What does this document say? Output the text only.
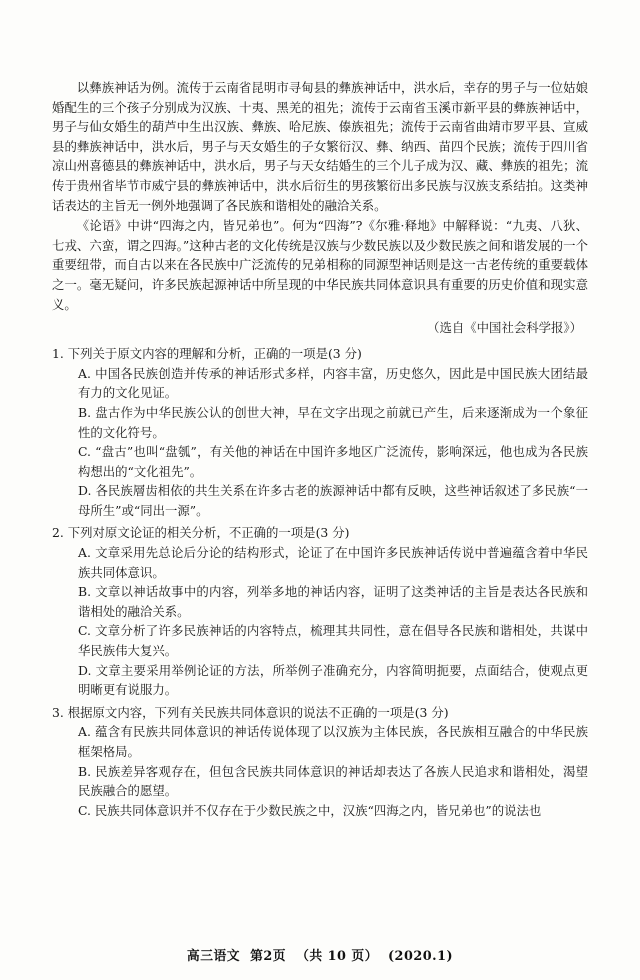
以彝族神话为例。流传于云南省昆明市寻甸县的彝族神话中，洪水后，幸存的男子与一位姑娘婚配生的三个孩子分别成为汉族、十夷、黑羌的祖先；流传于云南省玉溪市新平县的彝族神话中，男子与仙女婚生的葫芦中生出汉族、彝族、哈尼族、傣族祖先；流传于云南省曲靖市罗平县、宣威县的彝族神话中，洪水后，男子与天女婚生的子女繁衍汉、彝、纳西、苗四个民族；流传于四川省凉山州喜德县的彝族神话中，洪水后，男子与天女结婚生的三个儿子成为汉、藏、彝族的祖先；流传于贵州省毕节市威宁县的彝族神话中，洪水后衍生的男孩繁衍出多民族与汉族支系结拍。这类神话表达的主旨无一例外地强调了各民族和谐相处的融洽关系。

《论语》中讲“四海之内，皆兄弟也”。何为“四海”?《尔雅·释地》中解释说：“九夷、八狄、七戎、六蛮，谓之四海。”这种古老的文化传统是汉族与少数民族以及少数民族之间和谐发展的一个重要纽带，而自古以来在各民族中广泛流传的兄弟相称的同源型神话则是这一古老传统的重要载体之一。毫无疑问，许多民族起源神话中所呈现的中华民族共同体意识具有重要的历史价值和现实意义。

（选自《中国社会科学报》）

1. 下列关于原文内容的理解和分析，正确的一项是(3 分)

A. 中国各民族创造并传承的神话形式多样，内容丰富，历史悠久，因此是中国民族大团结最有力的文化见证。

B. 盘古作为中华民族公认的创世大神，早在文字出现之前就已产生，后来逐渐成为一个象征性的文化符号。

C. “盘古”也叫“盘瓠”，有关他的神话在中国许多地区广泛流传，影响深远，他也成为各民族构想出的“文化祖先”。

D. 各民族層齿相依的共生关系在许多古老的族源神话中都有反映，这些神话叙述了多民族“一母所生”或“同出一源”。

2. 下列对原文论证的相关分析，不正确的一项是(3 分)

A. 文章采用先总论后分论的结构形式，论证了在中国许多民族神话传说中普遍蕴含着中华民族共同体意识。

B. 文章以神话故事中的内容，列举多地的神话内容，证明了这类神话的主旨是表达各民族和谐相处的融洽关系。

C. 文章分析了许多民族神话的内容特点，梳理其共同性，意在倡导各民族和谐相处，共谋中华民族伟大复兴。

D. 文章主要采用举例论证的方法，所举例子准确充分，内容简明扼要，点面结合，使观点更明晰更有说服力。

3. 根据原文内容，下列有关民族共同体意识的说法不正确的一项是(3 分)

A. 蕴含有民族共同体意识的神话传说体现了以汉族为主体民族，各民族相互融合的中华民族框架格局。

B. 民族差异客观存在，但包含民族共同体意识的神话却表达了各族人民追求和谐相处，渴望民族融合的愿望。

C. 民族共同体意识并不仅存在于少数民族之中，汉族“四海之内，皆兄弟也”的说法也

高三语文 第2页 （共 10 页） (2020.1)
